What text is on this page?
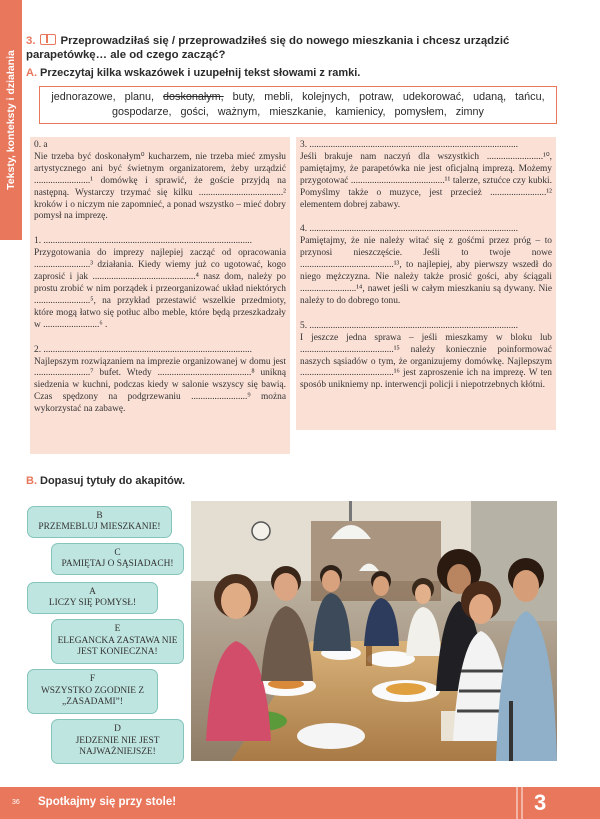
Teksty, konteksty i działania
3. Przeprowadziłaś się / przeprowadziłeś się do nowego mieszkania i chcesz urządzić parapetówkę… ale od czego zacząć?
A. Przeczytaj kilka wskazówek i uzupełnij tekst słowami z ramki.
jednorazowe, planu, doskonałym, buty, mebli, kolejnych, potraw, udekorować, udaną, tańcu,
gospodarze, gości, ważnym, mieszkanie, kamienicy, pomysłem, zimny
0. a
Nie trzeba być doskonałym⁰ kucharzem, nie trzeba mieć zmysłu artystycznego ani być świetnym organizatorem, żeby urządzić ........................¹ domówkę i sprawić, że goście przyjdą na następną. Wystarczy trzymać się kilku ....................................² kroków i o niczym nie zapomnieć, a ponad wszystko – mieć dobry pomysł na imprezę.
1. .........................................................................................
Przygotowania do imprezy najlepiej zacząć od opracowania ........................³ działania. Kiedy wiemy już co ugotować, kogo zaprosić i jak ............................................⁴ nasz dom, należy po prostu zrobić w nim porządek i przeorganizować układ niektórych ........................⁵, na przykład przestawić wszelkie przedmioty, które mogą łatwo się potłuc albo meble, które będą przeszkadzały w ........................⁶ .
2. .........................................................................................
Najlepszym rozwiązaniem na imprezie organizowanej w domu jest ........................⁷ bufet. Wtedy ........................................⁸ unikną siedzenia w kuchni, podczas kiedy w salonie wszyscy się bawią. Czas spędzony na podgrzewaniu ........................⁹ można wykorzystać na zabawę.
3. .........................................................................................
Jeśli brakuje nam naczyń dla wszystkich ........................¹⁰, pamiętajmy, że parapetówka nie jest oficjalną imprezą. Możemy przygotować ........................................¹¹ talerze, sztućce czy kubki. Pomyślmy także o muzyce, jest przecież ........................¹² elementem dobrej zabawy.
4. .........................................................................................
Pamiętajmy, że nie należy witać się z gośćmi przez próg – to przynosi nieszczęście. Jeśli to twoje nowe ........................................¹³, to najlepiej, aby pierwszy wszedł do niego mężczyzna. Nie należy także prosić gości, aby ściągali ........................¹⁴, nawet jeśli w całym mieszkaniu są dywany. Nie należy to do dobrego tonu.
5. .........................................................................................
I jeszcze jedna sprawa – jeśli mieszkamy w bloku lub ........................................¹⁵ należy koniecznie poinformować naszych sąsiadów o tym, że organizujemy domówkę. Najlepszym ........................................¹⁶ jest zaproszenie ich na imprezę. W ten sposób unikniemy np. interwencji policji i niepotrzebnych kłótni.
B. Dopasuj tytuły do akapitów.
B
PRZEMEBLUJ MIESZKANIE!
C
PAMIĘTAJ O SĄSIADACH!
A
LICZY SIĘ POMYSŁ!
E
ELEGANCKA ZASTAWA NIE JEST KONIECZNA!
F
WSZYSTKO ZGODNIE Z „ZASADAMI”!
D
JEDZENIE NIE JEST NAJWAŻNIEJSZE!
36 Spotkajmy się przy stole!	3
